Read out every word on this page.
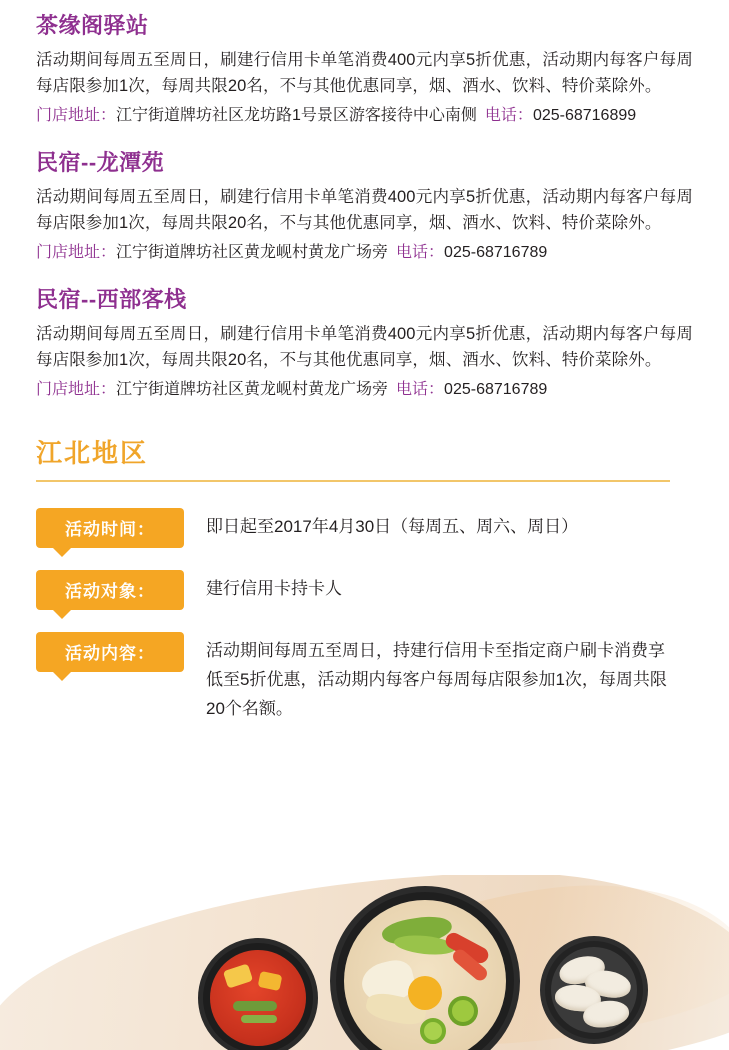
茶缘阁驿站

活动期间每周五至周日，刷建行信用卡单笔消费400元内享5折优惠，活动期内每客户每周每店限参加1次，每周共限20名，不与其他优惠同享，烟、酒水、饮料、特价菜除外。

门店地址：江宁街道牌坊社区龙坊路1号景区游客接待中心南侧 电话：025-68716899

民宿--龙潭苑

活动期间每周五至周日，刷建行信用卡单笔消费400元内享5折优惠，活动期内每客户每周每店限参加1次，每周共限20名，不与其他优惠同享，烟、酒水、饮料、特价菜除外。

门店地址：江宁街道牌坊社区黄龙岘村黄龙广场旁 电话：025-68716789

民宿--西部客栈

活动期间每周五至周日，刷建行信用卡单笔消费400元内享5折优惠，活动期内每客户每周每店限参加1次，每周共限20名，不与其他优惠同享，烟、酒水、饮料、特价菜除外。

门店地址：江宁街道牌坊社区黄龙岘村黄龙广场旁 电话：025-68716789

江北地区
活动时间：	即日起至2017年4月30日（每周五、周六、周日）
活动对象：	建行信用卡持卡人
活动内容：	活动期间每周五至周日，持建行信用卡至指定商户刷卡消费享低至5折优惠，活动期内每客户每周每店限参加1次，每周共限20个名额。
